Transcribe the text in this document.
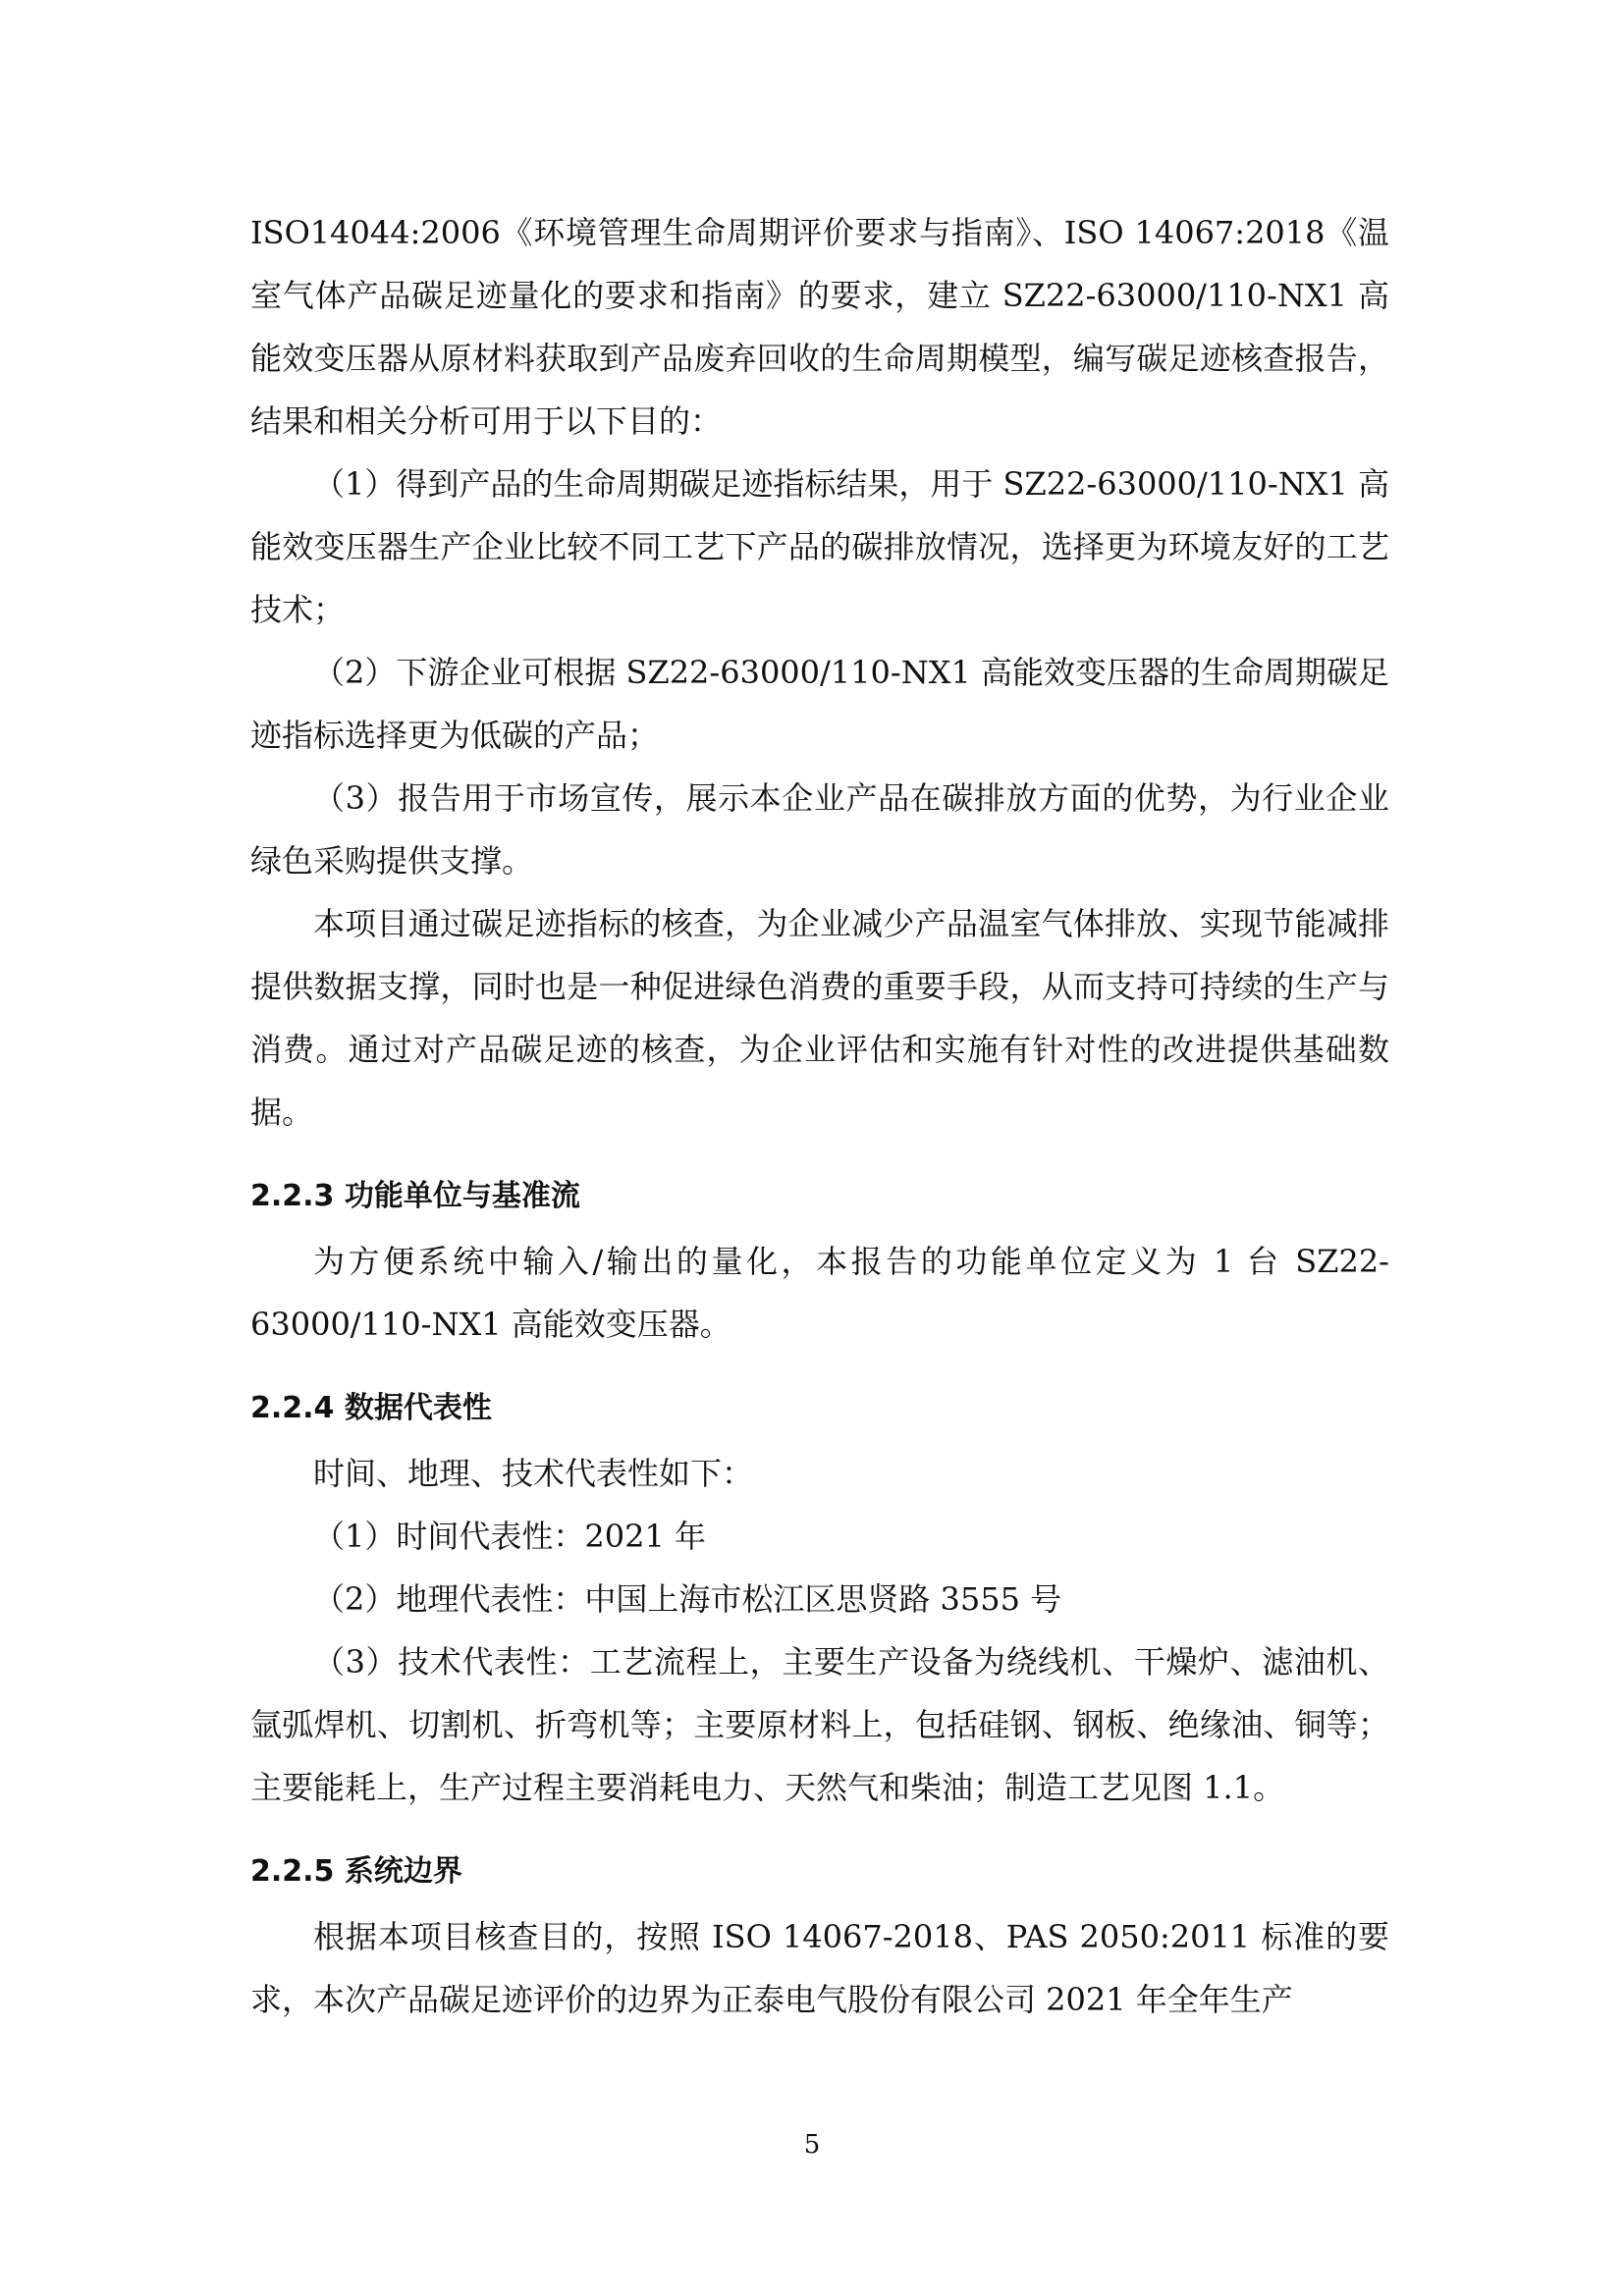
ISO14044:2006《环境管理生命周期评价要求与指南》、ISO 14067:2018《温室气体产品碳足迹量化的要求和指南》的要求，建立 SZ22-63000/110-NX1 高能效变压器从原材料获取到产品废弃回收的生命周期模型，编写碳足迹核查报告，结果和相关分析可用于以下目的：

（1）得到产品的生命周期碳足迹指标结果，用于 SZ22-63000/110-NX1 高能效变压器生产企业比较不同工艺下产品的碳排放情况，选择更为环境友好的工艺技术；

（2）下游企业可根据 SZ22-63000/110-NX1 高能效变压器的生命周期碳足迹指标选择更为低碳的产品；

（3）报告用于市场宣传，展示本企业产品在碳排放方面的优势，为行业企业绿色采购提供支撑。

本项目通过碳足迹指标的核查，为企业减少产品温室气体排放、实现节能减排提供数据支撑，同时也是一种促进绿色消费的重要手段，从而支持可持续的生产与消费。通过对产品碳足迹的核查，为企业评估和实施有针对性的改进提供基础数据。

2.2.3 功能单位与基准流

为方便系统中输入/输出的量化，本报告的功能单位定义为 1 台 SZ22-63000/110-NX1 高能效变压器。

2.2.4 数据代表性

时间、地理、技术代表性如下：

（1）时间代表性：2021 年

（2）地理代表性：中国上海市松江区思贤路 3555 号

（3）技术代表性：工艺流程上，主要生产设备为绕线机、干燥炉、滤油机、氩弧焊机、切割机、折弯机等；主要原材料上，包括硅钢、钢板、绝缘油、铜等；主要能耗上，生产过程主要消耗电力、天然气和柴油；制造工艺见图 1.1。

2.2.5 系统边界

根据本项目核查目的，按照 ISO 14067-2018、PAS 2050:2011 标准的要求，本次产品碳足迹评价的边界为正泰电气股份有限公司 2021 年全年生产

5
